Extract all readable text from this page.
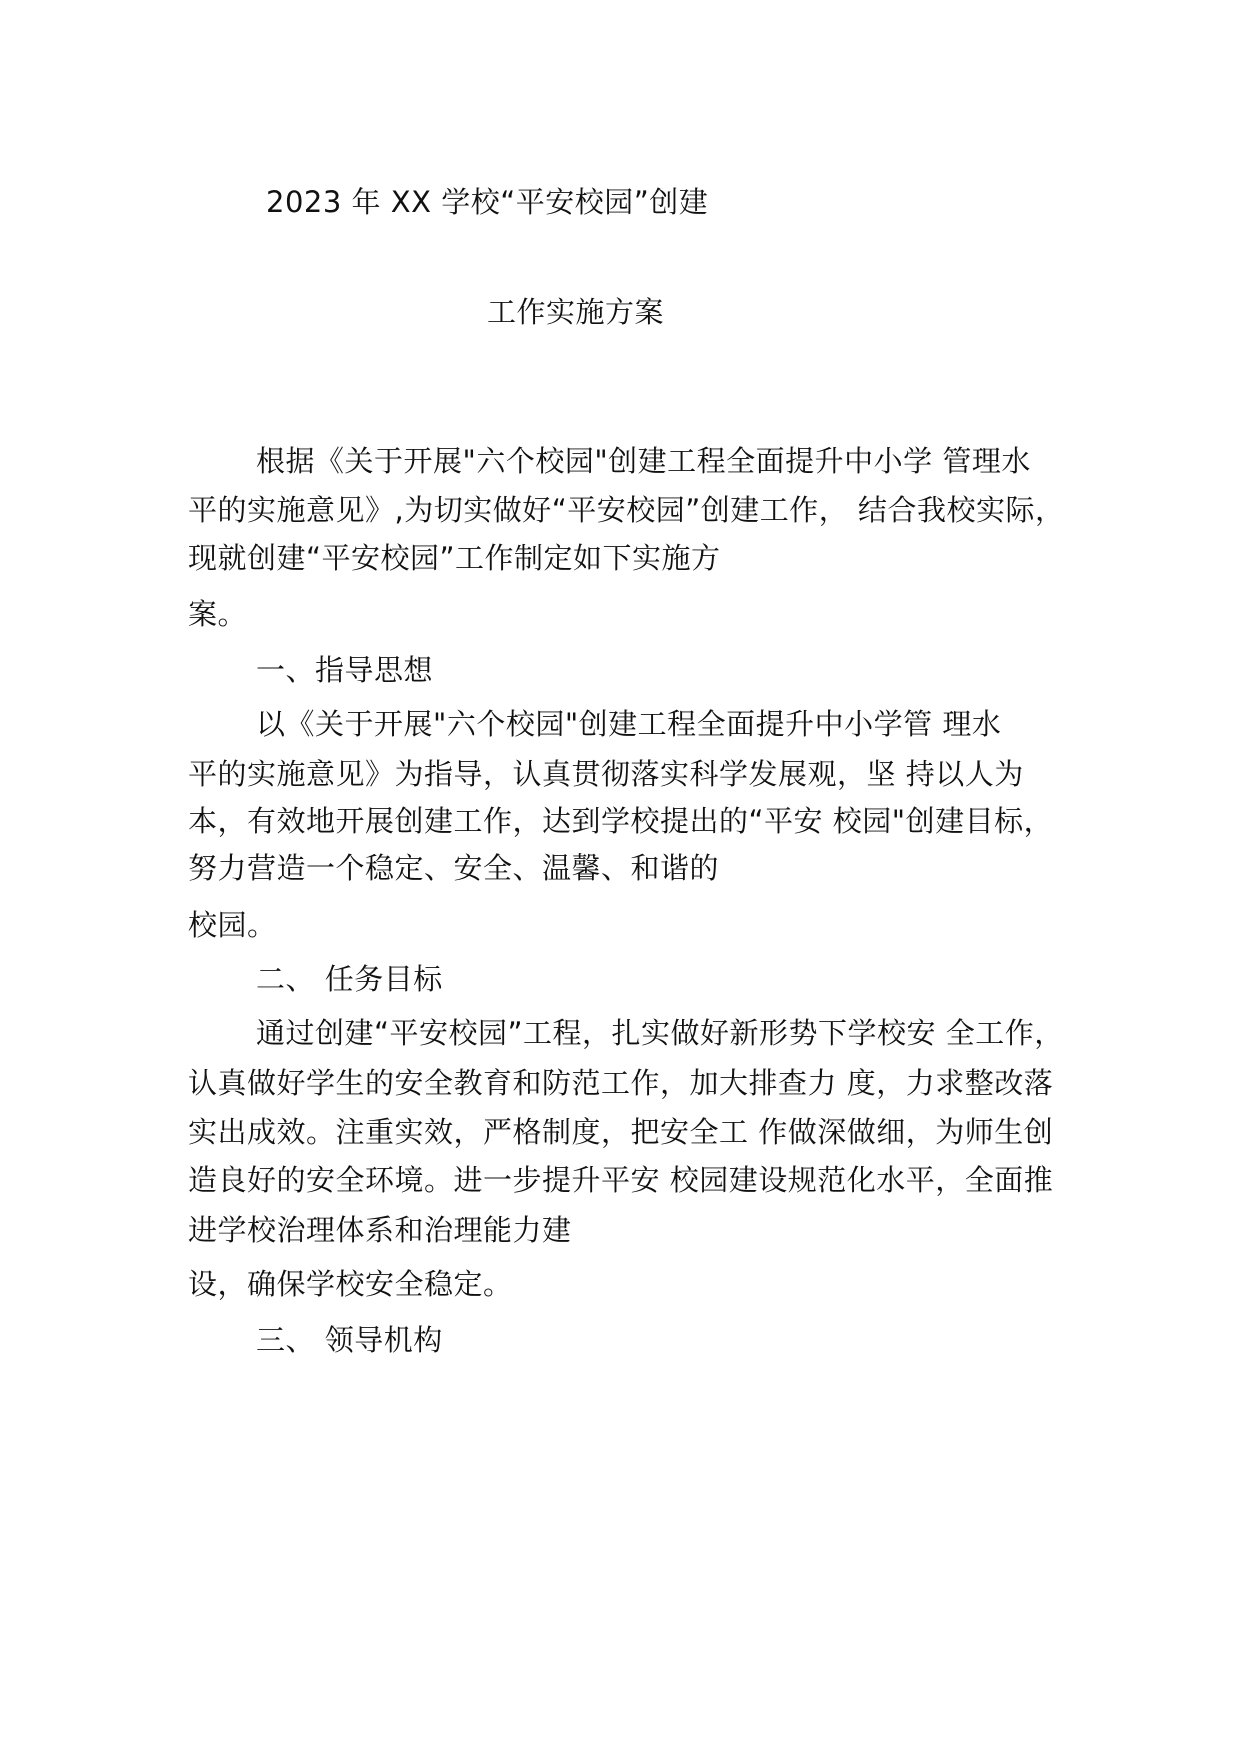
2023 年 XX 学校“平安校园”创建
工作实施方案
根据《关于开展"六个校园"创建工程全面提升中小学 管理水
平的实施意见》,为切实做好“平安校园”创建工作， 结合我校实际，
现就创建“平安校园”工作制定如下实施方
案。
一、指导思想
以《关于开展"六个校园"创建工程全面提升中小学管 理水
平的实施意见》为指导，认真贯彻落实科学发展观，坚 持以人为
本，有效地开展创建工作，达到学校提出的“平安 校园"创建目标，
努力营造一个稳定、安全、温馨、和谐的
校园。
二、 任务目标
通过创建“平安校园”工程，扎实做好新形势下学校安 全工作，
认真做好学生的安全教育和防范工作，加大排查力 度，力求整改落
实出成效。注重实效，严格制度，把安全工 作做深做细，为师生创
造良好的安全环境。进一步提升平安 校园建设规范化水平，全面推
进学校治理体系和治理能力建
设，确保学校安全稳定。
三、 领导机构
